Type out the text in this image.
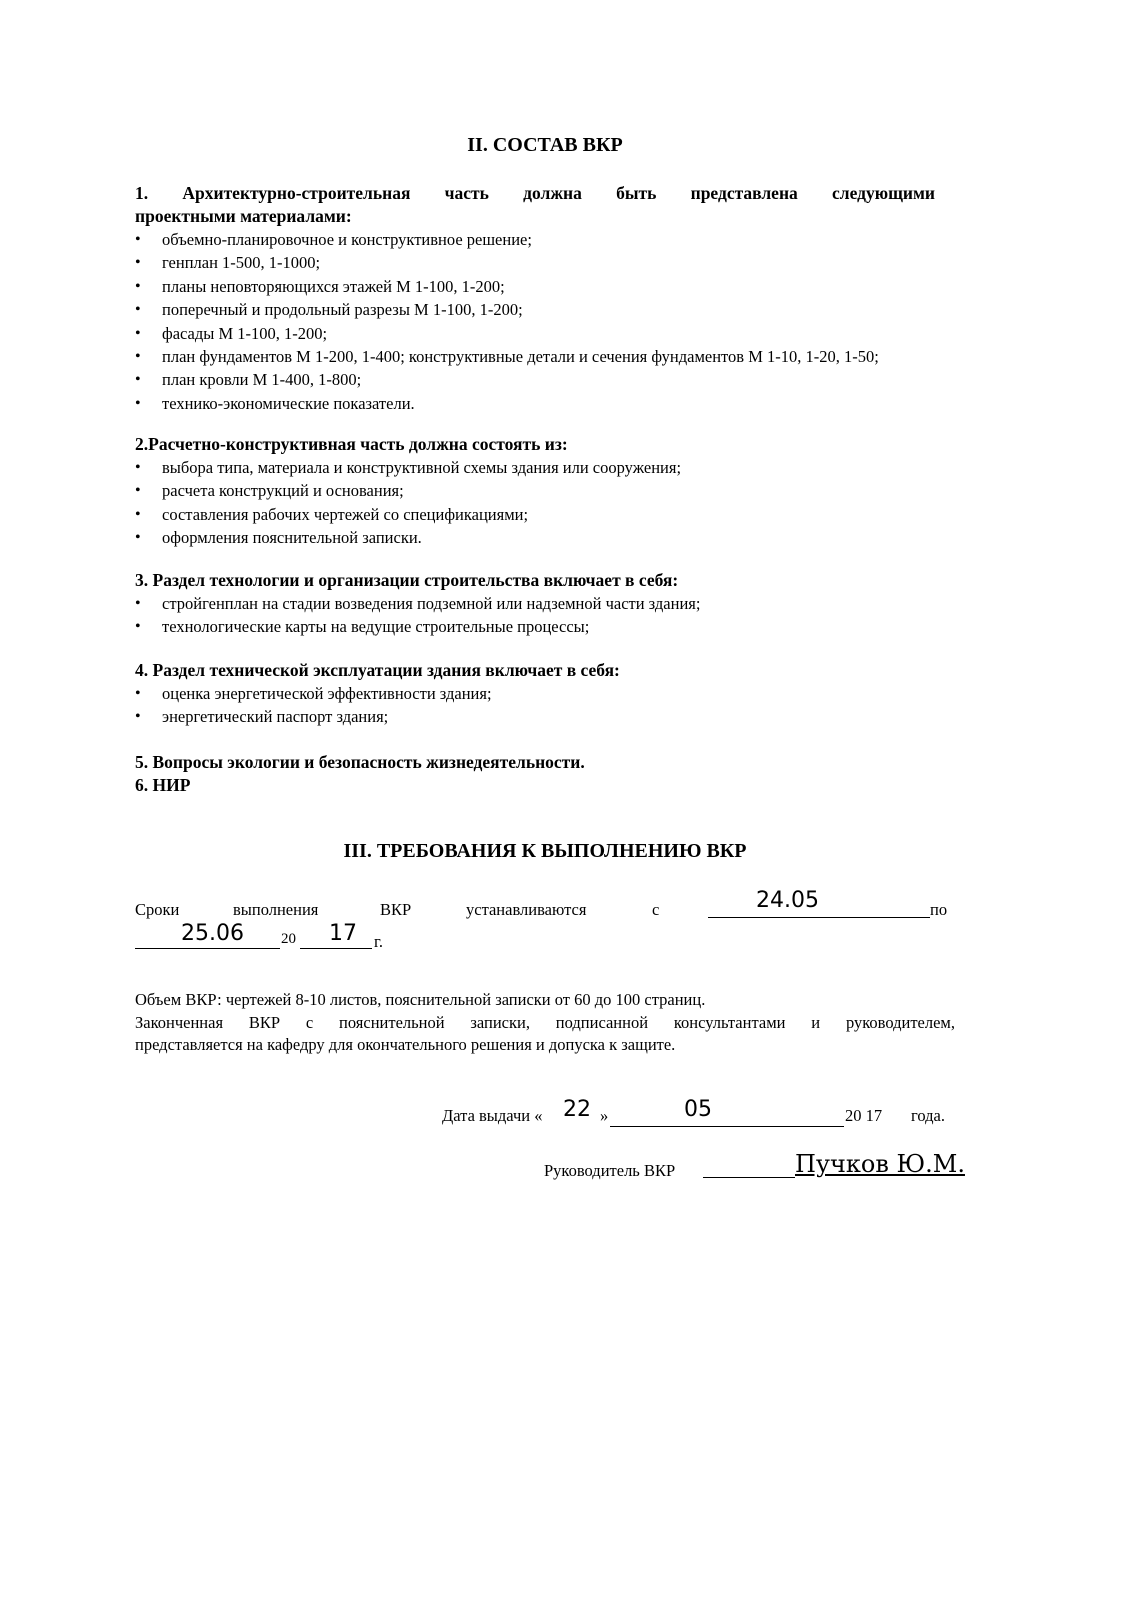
II. СОСТАВ ВКР
1. Архитектурно-строительная часть должна быть представлена следующими
проектными материалами:
• объемно-планировочное и конструктивное решение;
• генплан 1-500, 1-1000;
• планы неповторяющихся этажей М 1-100, 1-200;
• поперечный и продольный разрезы М 1-100, 1-200;
• фасады М 1-100, 1-200;
• план фундаментов М 1-200, 1-400; конструктивные детали и сечения фундаментов М 1-10, 1-20, 1-50;
• план кровли М 1-400, 1-800;
• технико-экономические показатели.
2.Расчетно-конструктивная часть должна состоять из:
• выбора типа, материала и конструктивной схемы здания или сооружения;
• расчета конструкций и основания;
• составления рабочих чертежей со спецификациями;
• оформления пояснительной записки.
3. Раздел технологии и организации строительства включает в себя:
• стройгенплан на стадии возведения подземной или надземной части здания;
• технологические карты на ведущие строительные процессы;
4. Раздел технической эксплуатации здания включает в себя:
• оценка энергетической эффективности здания;
• энергетический паспорт здания;
5. Вопросы экологии и безопасность жизнедеятельности.
6. НИР
III. ТРЕБОВАНИЯ К ВЫПОЛНЕНИЮ ВКР
Сроки	выполнения	ВКР	устанавливаются	с	24.05	по
25.06 20 17 г.
Объем ВКР: чертежей 8-10 листов, пояснительной записки от 60 до 100 страниц.
Законченная ВКР с пояснительной записки, подписанной консультантами и руководителем,
представляется на кафедру для окончательного решения и допуска к защите.
Дата выдачи « 22 »	05	20 17 года.
Руководитель ВКР	Пучков Ю.М.
